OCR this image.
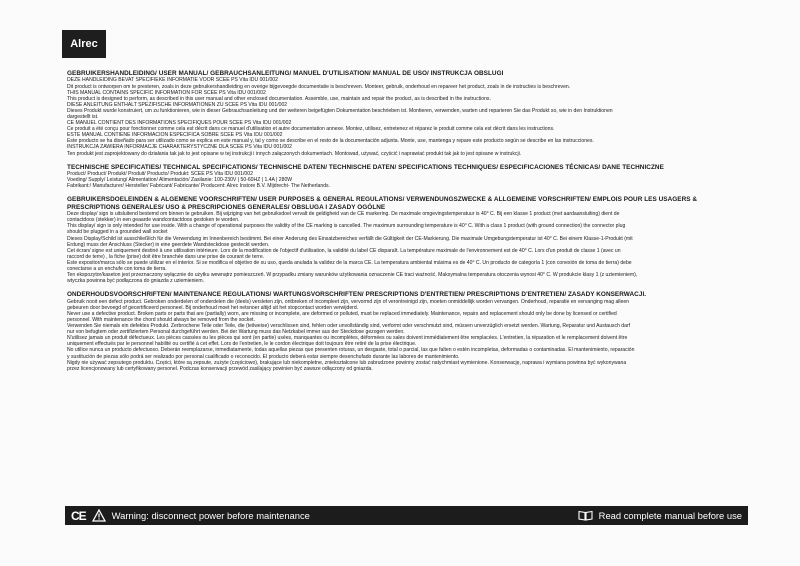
Alrec

GEBRUIKERSHANDLEIDING/ USER MANUAL/ GEBRAUCHSANLEITUNG/ MANUEL D'UTILISATION/ MANUAL DE USO/ INSTRUKCJA OBSLUGI

DEZE HANDLEIDING BEVAT SPECIFIEKE INFORMATIE VOOR SCEE PS Vita IDU 001/002

Dit product is ontworpen om te presteren, zoals in deze gebruikershandleiding en overige bijgevoegde documentatie is beschreven. Monteer, gebruik, onderhoud en repareer het product, zoals in de instructies is beschreven.

THIS MANUAL CONTAINS SPECIFIC INFORMATION FOR SCEE PS Vita IDU 001/002

This product is designed to perform, as described in this user manual and other enclosed documentation. Assemble, use, maintain and repair the product, as is described in the instructions.

DIESE ANLEITUNG ENTHÄLT SPEZIFISCHE INFORMATIONEN ZU SCEE PS Vita IDU 001/002

Dieses Produkt wurde konstruiert, um zu funktionieren, wie in dieser Gebrauchsanleitung und der weiteren beigefügten Dokumentation beschrieben ist. Montieren, verwenden, warten und reparieren Sie das Produkt so, wie in den Instruktionen

dargestellt ist.

CE MANUEL CONTIENT DES INFORMATIONS SPECIFIQUES POUR SCEE PS Vita IDU 001/002

Ce produit a été conçu pour fonctionner comme cela est décrit dans ce manuel d'utilisation et autre documentation annexe. Montez, utilisez, entretenez et réparez le produit comme cela est décrit dans les instructions.

ESTE MANUAL CONTIENE INFORMACIÓN ESPECÍFICA SOBRE SCEE PS Vita IDU 001/002

Este producto se ha diseñado para ser utilizado como se explica en este manual y, tal y como se describe en el resto de la documentación adjunta. Monte, use, mantenga y repare este producto según se describe en las instrucciones.

INSTRUKCJA ZAWIERA INFORMACJE CHARAKTERYSTYCZNE DLA SCEE PS Vita IDU 001/002

Ten produkt jest zaprojektowany do działania tak jak to jest opisane w tej instrukcji i innych załączonych dokumentach. Montowad, używać, czyścić i naprawiać produkt tak jak to jest opisane w instrukcji.

TECHNISCHE SPECIFICATIES/ TECHNICAL SPECIFICATIONS/ TECHNISCHE DATEN/ TECHNISCHE DATEN/ SPECIFICATIONS TECHNIQUES/ ESPECIFICACIONES TÉCNICAS/ DANE TECHNICZNE

Product/ Product/ Produkt/ Produit/ Producto/ Produkt: SCEE PS Vita IDU 001/002

Voeding/ Supply/ Leistung/ Alimentation/ Alimentación/ Zasilanie: 100-230V | 50-60HZ | 1.4A | 280W

Fabrikant:/ Manufacturer/ Hersteller/ Fabricant/ Fabricante/ Producent: Alrec Instore B.V. Mijdrecht- The Netherlands.

GEBRUIKERSDOELEINDEN & ALGEMENE VOORSCHRIFTEN/ USER PURPOSES & GENERAL REGULATIONS/ VERWENDUNGSZWECKE & ALLGEMEINE VORSCHRIFTEN/ EMPLOIS POUR LES USAGERS &

PRESCRIPTIONS GENERALES/ USO & PRESCRIPCIONES GENERALES/ OBSLUGA I ZASADY OGÓLNE

Deze display/ sign is uitsluitend bestemd om binnen te gebruiken. Bij wijziging van het gebruiksdoel vervalt de geldigheid van de CE markering. De maximale omgevingstemperatuur is 40° C. Bij een klasse 1 product (met aardaansluiting) dient de

contactdoos (stekker) in een geaarde wandcontactdoos gestoken te worden.

This display/ sign is only intended for use inside. With a change of operational purposes the validity of the CE marking is cancelled. The maximum surrounding temperature is 40° C. With a class 1 product (with ground connection) the connector plug

should be plugged in a grounded wall socket

Dieses Display/Schild ist ausschließlich für die Verwendung im Innenbereich bestimmt. Bei einer Änderung des Einsatzbereiches verfällt die Gültigkeit der CE-Markierung. Die maximale Umgebungstemperatur ist 40° C. Bei einem Klasse-1-Produkt (mit

Erdung) muss der Anschluss (Stecker) in eine geerdete Wandsteckdose gesteckt werden.

Cet écran/ signe est uniquement destiné à une utilisation intérieure. Lors de la modification de l'objectif d'utilisation, la validité du label CE disparaît. La température maximale de l'environnement est de 40° C. Lors d'un produit de classe 1 (avec un

raccord de terre) , la fiche (prise) doit être branchée dans une prise de courant de terre.

Este expositor/marca sólo se puede utilizar en el interior. Si se modifica el objetivo de su uso, queda anulada la validez de la marca CE. La temperatura ambiental máxima es de 40° C. Un producto de categoría 1 (con conexión de toma de tierra) debe

conectarse a un enchufe con toma de tierra.

Ten ekspozytor/kaseton jest przeznaczony wyłącznie do użytku wewnątrz pomieszczeń. W przypadku zmiany warunków użytkowania oznaczenie CE traci ważność. Maksymalna temperatura otoczenia wynosi 40° C. W produkcie klasy 1 (z uziemieniem),

wtyczka powinna być podłączona do gniazda z uziemieniem.

ONDERHOUDSVOORSCHRIFTEN/ MAINTENANCE REGULATIONS/ WARTUNGSVORSCHRIFTEN/ PRESCRIPTIONS D'ENTRETIEN/ PRESCRIPTIONS D'ENTRETIEN/ ZASADY KONSERWACJI.

Gebruik nooit een defect product. Gebroken onderdelen of onderdelen die (deels) versleten zijn, ontbreken of incompleet zijn, vervormd zijn of verontreinigd zijn, moeten onmiddellijk worden vervangen. Onderhoud, reparatie en vervanging mag alleen

gebeuren door bevoegd of gecertificeerd personeel. Bij onderhoud moet het netsnoer altijd uit het stopcontact worden verwijderd.

Never use a defective product. Broken parts or parts that are (partially) worn, are missing or incomplete, are deformed or polluted, must be replaced immediately. Maintenance, repairs and replacement should only be done by licensed or certified

personnel. With maintenance the chord should always be removed from the socket.

Verwenden Sie niemals ein defektes Produkt. Zerbrochene Teile oder Teile, die (teilweise) verschlissen sind, fehlen oder unvollständig sind, verformt oder verschmutzt sind, müssen unverzüglich ersetzt werden. Wartung, Reparatur und Austausch darf

nur von befugtem oder zertifiziertem Personal durchgeführt werden. Bei der Wartung muss das Netzkabel immer aus der Steckdose gezogen werden.

N'utilisez jamais un produit défectueux. Les pièces cassées ou les pièces qui sont (en partie) usées, manquantes ou incomplètes, déformées ou sales doivent immédiatement être remplacées. L'entretien, la réparation et le remplacement doivent être

uniquement effectués par le personnel habilité ou certifié à cet effet. Lors de l'entretien, le le cordon électrique doit toujours être retiré de la prise électrique.

No utilice nunca un producto defectuoso. Deberán reemplazarse, inmediatamente, todas aquellas piezas que presenten roturas, un desgaste, total o parcial, las que falten o estén incompletas, deformadas o contaminadas. El mantenimiento, reparación

y sustitución de piezas sólo podrá ser realizado por personal cualificado o reconocido. El producto deberá estar siempre desenchufado durante las labores de mantenimiento.

Nigdy nie używać zepsutego produktu. Części, które są zepsute, zużyte (częściowo), brakujące lub niekompletne, zniekształcone lub zabrudzone powinny zostać natychmiast wymienione. Konserwację, naprawa i wymiana powinna być wykonywana

przez licencjonowany lub certyfikowany personel. Podczas konserwacji przewód zasilający powinien być zawsze odłączony od gniazda.

CE	Warning: disconnect power before maintenance	Read complete manual before use
